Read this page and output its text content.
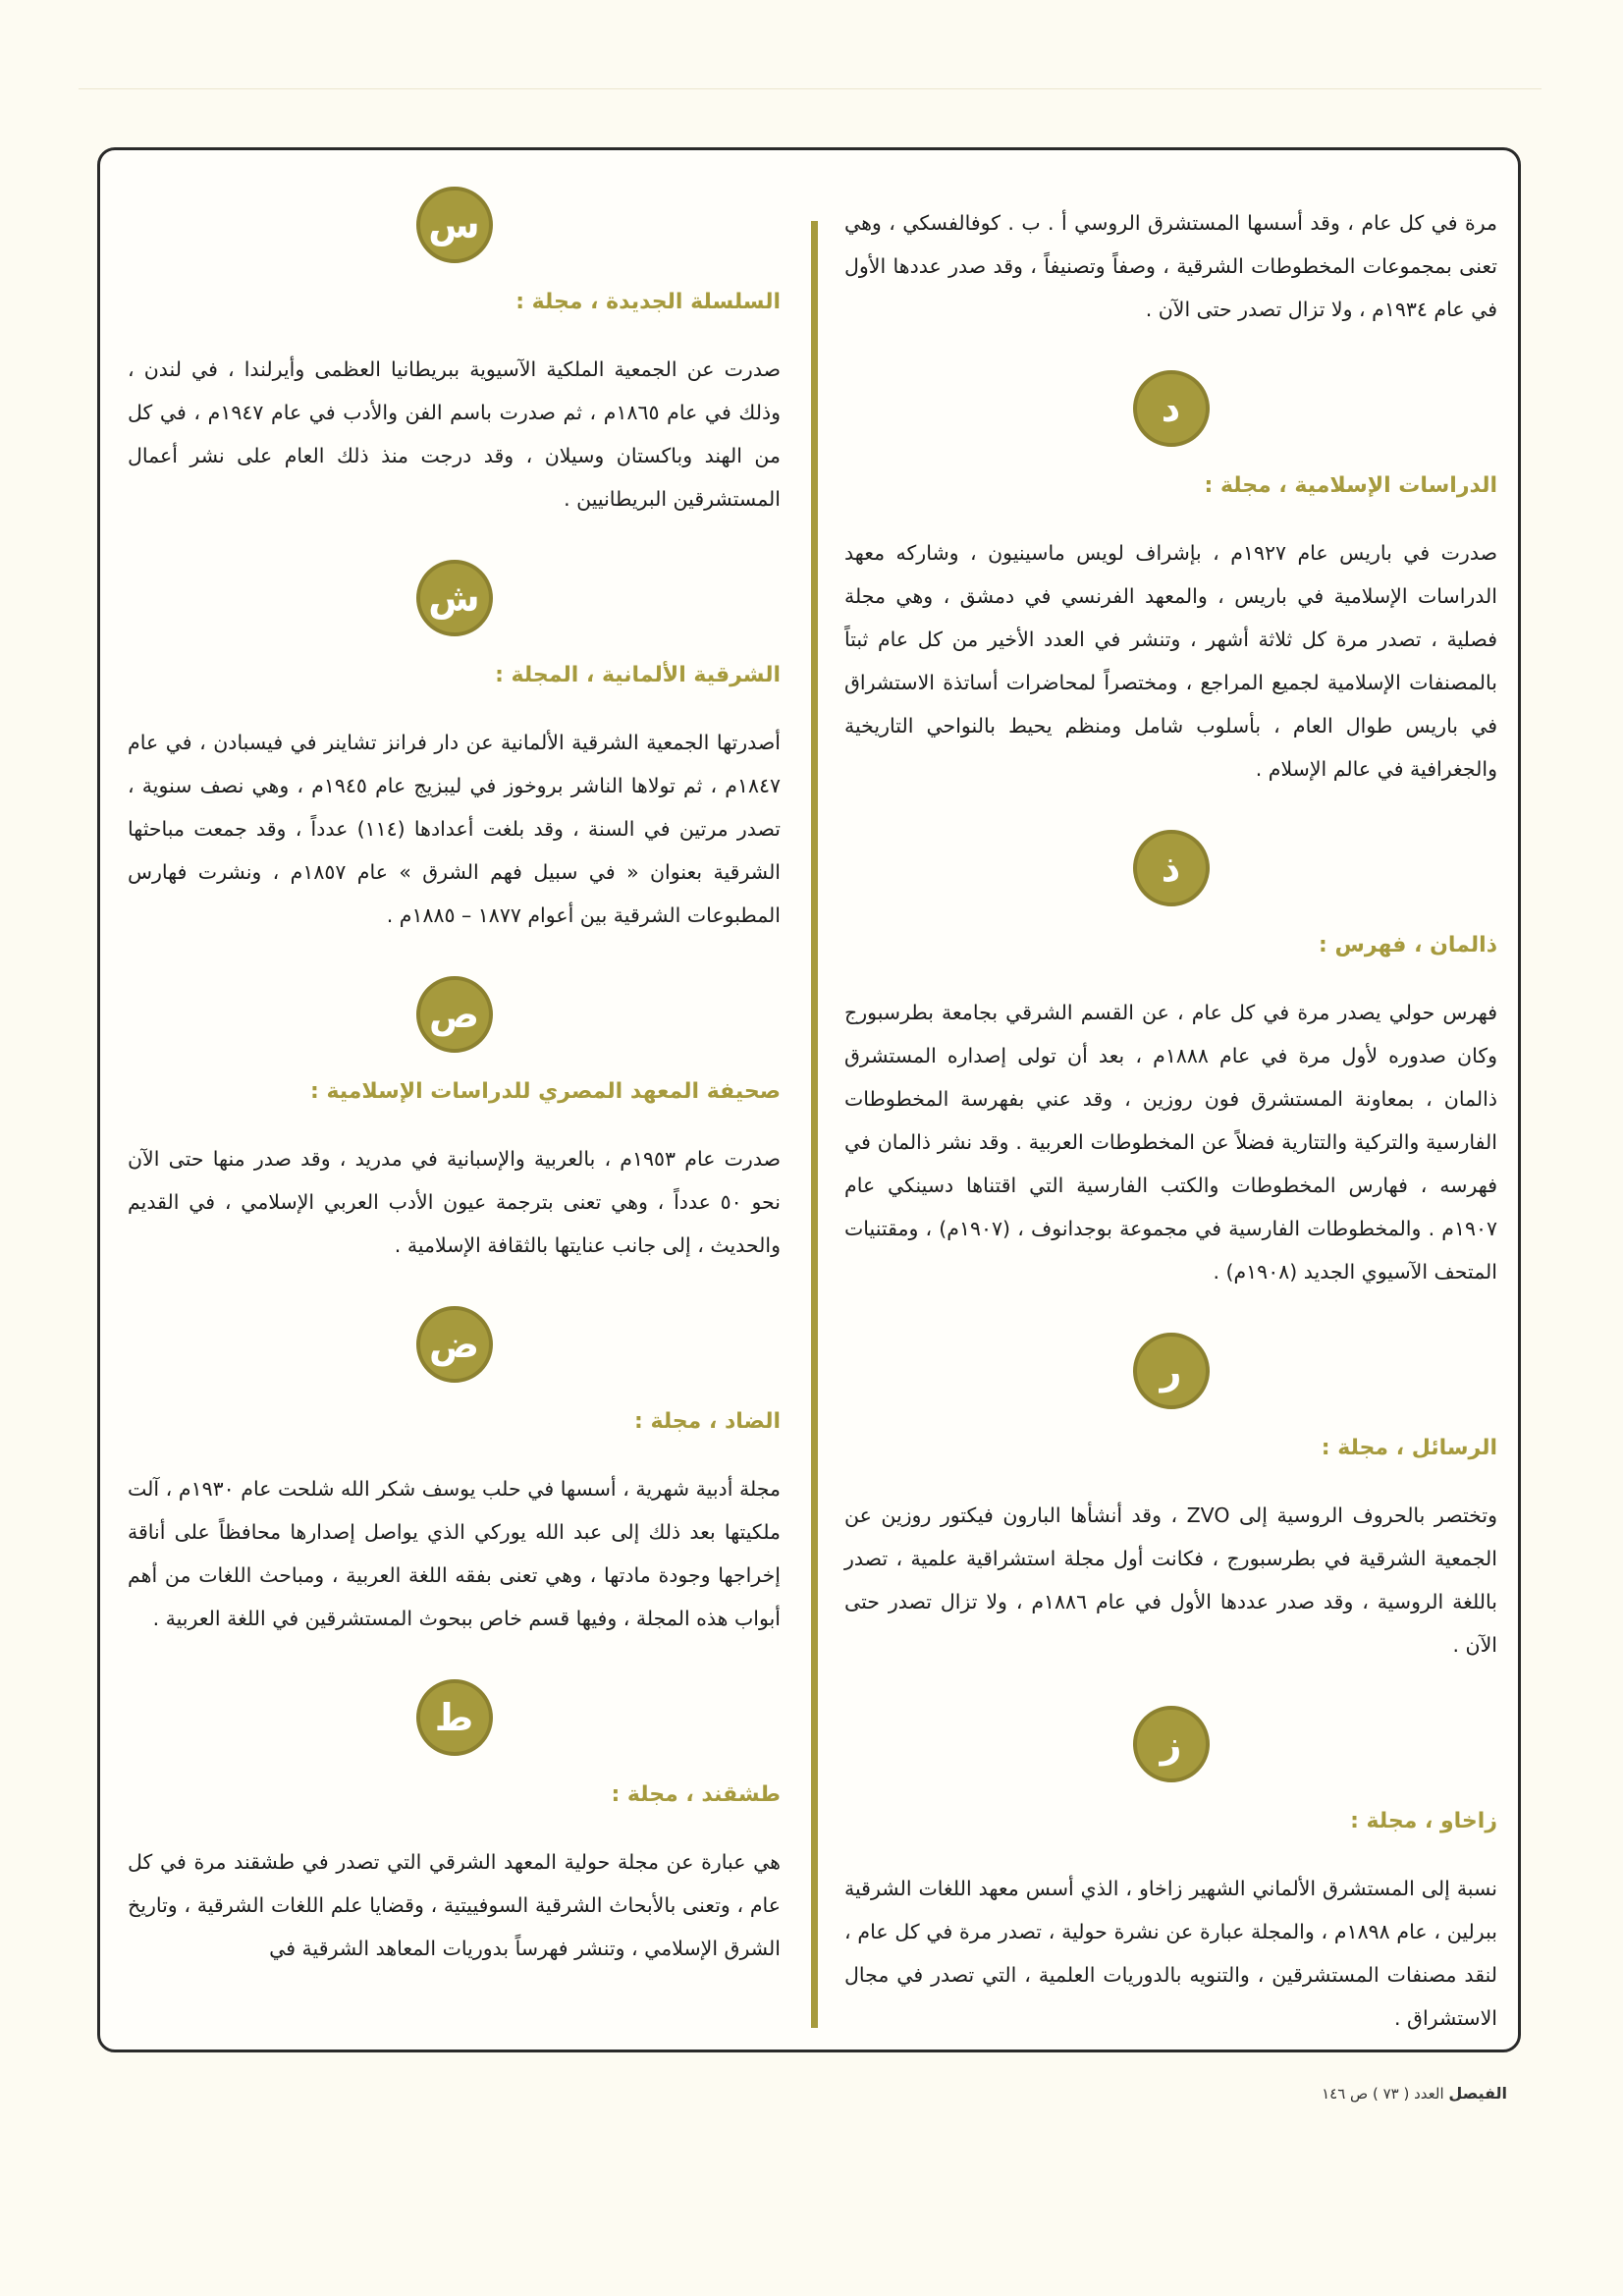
مرة في كل عام ، وقد أسسها المستشرق الروسي أ . ب . كوفالفسكي ، وهي تعنى بمجموعات المخطوطات الشرقية ، وصفاً وتصنيفاً ، وقد صدر عددها الأول في عام ١٩٣٤م ، ولا تزال تصدر حتى الآن .

د
الدراسات الإسلامية ، مجلة :

صدرت في باريس عام ١٩٢٧م ، بإشراف لويس ماسينيون ، وشاركه معهد الدراسات الإسلامية في باريس ، والمعهد الفرنسي في دمشق ، وهي مجلة فصلية ، تصدر مرة كل ثلاثة أشهر ، وتنشر في العدد الأخير من كل عام ثبتاً بالمصنفات الإسلامية لجميع المراجع ، ومختصراً لمحاضرات أساتذة الاستشراق في باريس طوال العام ، بأسلوب شامل ومنظم يحيط بالنواحي التاريخية والجغرافية في عالم الإسلام .

ذ
ذالمان ، فهرس :

فهرس حولي يصدر مرة في كل عام ، عن القسم الشرقي بجامعة بطرسبورج وكان صدوره لأول مرة في عام ١٨٨٨م ، بعد أن تولى إصداره المستشرق ذالمان ، بمعاونة المستشرق فون روزين ، وقد عني بفهرسة المخطوطات الفارسية والتركية والتتارية فضلاً عن المخطوطات العربية . وقد نشر ذالمان في فهرسه ، فهارس المخطوطات والكتب الفارسية التي اقتناها دسينكي عام ١٩٠٧م . والمخطوطات الفارسية في مجموعة بوجدانوف ، (١٩٠٧م) ، ومقتنيات المتحف الآسيوي الجديد (١٩٠٨م) .

ر
الرسائل ، مجلة :

وتختصر بالحروف الروسية إلى ZVO ، وقد أنشأها البارون فيكتور روزين عن الجمعية الشرقية في بطرسبورج ، فكانت أول مجلة استشراقية علمية ، تصدر باللغة الروسية ، وقد صدر عددها الأول في عام ١٨٨٦م ، ولا تزال تصدر حتى الآن .

ز
زاخاو ، مجلة :

نسبة إلى المستشرق الألماني الشهير زاخاو ، الذي أسس معهد اللغات الشرقية ببرلين ، عام ١٨٩٨م ، والمجلة عبارة عن نشرة حولية ، تصدر مرة في كل عام ، لنقد مصنفات المستشرقين ، والتنويه بالدوريات العلمية ، التي تصدر في مجال الاستشراق .

س
السلسلة الجديدة ، مجلة :

صدرت عن الجمعية الملكية الآسيوية ببريطانيا العظمى وأيرلندا ، في لندن ، وذلك في عام ١٨٦٥م ، ثم صدرت باسم الفن والأدب في عام ١٩٤٧م ، في كل من الهند وباكستان وسيلان ، وقد درجت منذ ذلك العام على نشر أعمال المستشرقين البريطانيين .

ش
الشرقية الألمانية ، المجلة :

أصدرتها الجمعية الشرقية الألمانية عن دار فرانز تشاينر في فيسبادن ، في عام ١٨٤٧م ، ثم تولاها الناشر بروخوز في ليبزيج عام ١٩٤٥م ، وهي نصف سنوية ، تصدر مرتين في السنة ، وقد بلغت أعدادها (١١٤) عدداً ، وقد جمعت مباحثها الشرقية بعنوان « في سبيل فهم الشرق » عام ١٨٥٧م ، ونشرت فهارس المطبوعات الشرقية بين أعوام ١٨٧٧ – ١٨٨٥م .

ص
صحيفة المعهد المصري للدراسات الإسلامية :

صدرت عام ١٩٥٣م ، بالعربية والإسبانية في مدريد ، وقد صدر منها حتى الآن نحو ٥٠ عدداً ، وهي تعنى بترجمة عيون الأدب العربي الإسلامي ، في القديم والحديث ، إلى جانب عنايتها بالثقافة الإسلامية .

ض
الضاد ، مجلة :

مجلة أدبية شهرية ، أسسها في حلب يوسف شكر الله شلحت عام ١٩٣٠م ، آلت ملكيتها بعد ذلك إلى عبد الله يوركي الذي يواصل إصدارها محافظاً على أناقة إخراجها وجودة مادتها ، وهي تعنى بفقه اللغة العربية ، ومباحث اللغات من أهم أبواب هذه المجلة ، وفيها قسم خاص ببحوث المستشرقين في اللغة العربية .

ط
طشقند ، مجلة :

هي عبارة عن مجلة حولية المعهد الشرقي التي تصدر في طشقند مرة في كل عام ، وتعنى بالأبحاث الشرقية السوفييتية ، وقضايا علم اللغات الشرقية ، وتاريخ الشرق الإسلامي ، وتنشر فهرساً بدوريات المعاهد الشرقية في

الفيصل العدد ( ٧٣ ) ص ١٤٦
